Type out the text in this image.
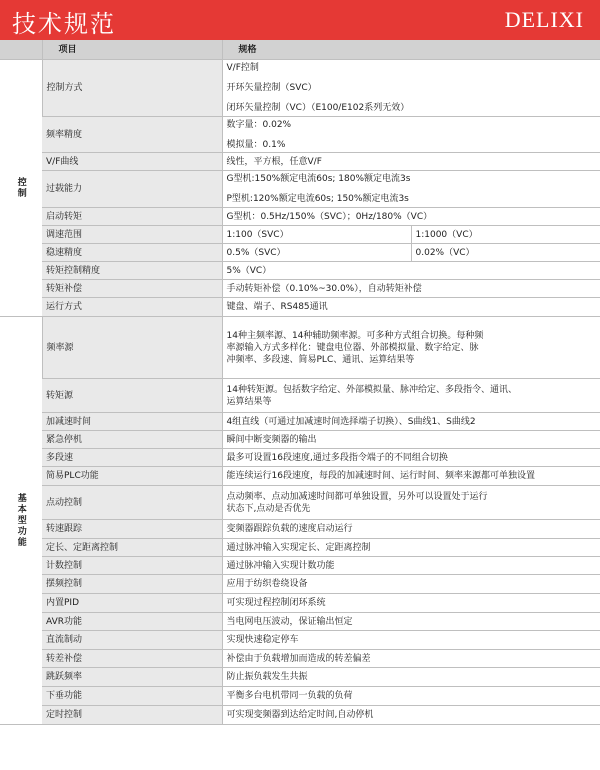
技术规范	DELIXI
	项目	规格	
控制	控制方式	V/F控制
开环矢量控制（SVC）
闭环矢量控制（VC）（E100/E102系列无效）	

	频率精度	数字量：0.02%
模拟量：0.1%	

	V/F曲线	线性，平方根，任意V/F	

	过载能力	G型机:150%额定电流60s; 180%额定电流3s
P型机:120%额定电流60s; 150%额定电流3s	

	启动转矩	G型机：0.5Hz/150%（SVC）；0Hz/180%（VC）	

	调速范围	1:100（SVC）	1:1000（VC）
	稳速精度	0.5%（SVC）	0.02%（VC）
	转矩控制精度	5%（VC）	

	转矩补偿	手动转矩补偿（0.10%~30.0%），自动转矩补偿	

	运行方式	键盘、端子、RS485通讯	

基本型功能	频率源	14种主频率源、14种辅助频率源。可多种方式组合切换。每种频
率源输入方式多样化：键盘电位器、外部模拟量、数字给定、脉
冲频率、多段速、简易PLC、通讯、运算结果等	

	转矩源	14种转矩源。包括数字给定、外部模拟量、脉冲给定、多段指令、通讯、
运算结果等	

	加减速时间	4组直线（可通过加减速时间选择端子切换）、S曲线1、S曲线2	

	紧急停机	瞬间中断变频器的输出	

	多段速	最多可设置16段速度,通过多段指令端子的不同组合切换	

	简易PLC功能	能连续运行16段速度，每段的加减速时间、运行时间、频率来源都可单独设置	

	点动控制	点动频率、点动加减速时间都可单独设置，另外可以设置处于运行
状态下,点动是否优先	

	转速跟踪	变频器跟踪负载的速度启动运行	

	定长、定距离控制	通过脉冲输入实现定长、定距离控制	

	计数控制	通过脉冲输入实现计数功能	

	摆频控制	应用于纺织卷绕设备	

	内置PID	可实现过程控制闭环系统	

	AVR功能	当电网电压波动，保证输出恒定	

	直流制动	实现快速稳定停车	

	转差补偿	补偿由于负载增加而造成的转差偏差	

	跳跃频率	防止振负载发生共振	

	下垂功能	平衡多台电机带同一负载的负荷	

	定时控制	可实现变频器到达给定时间,自动停机	
